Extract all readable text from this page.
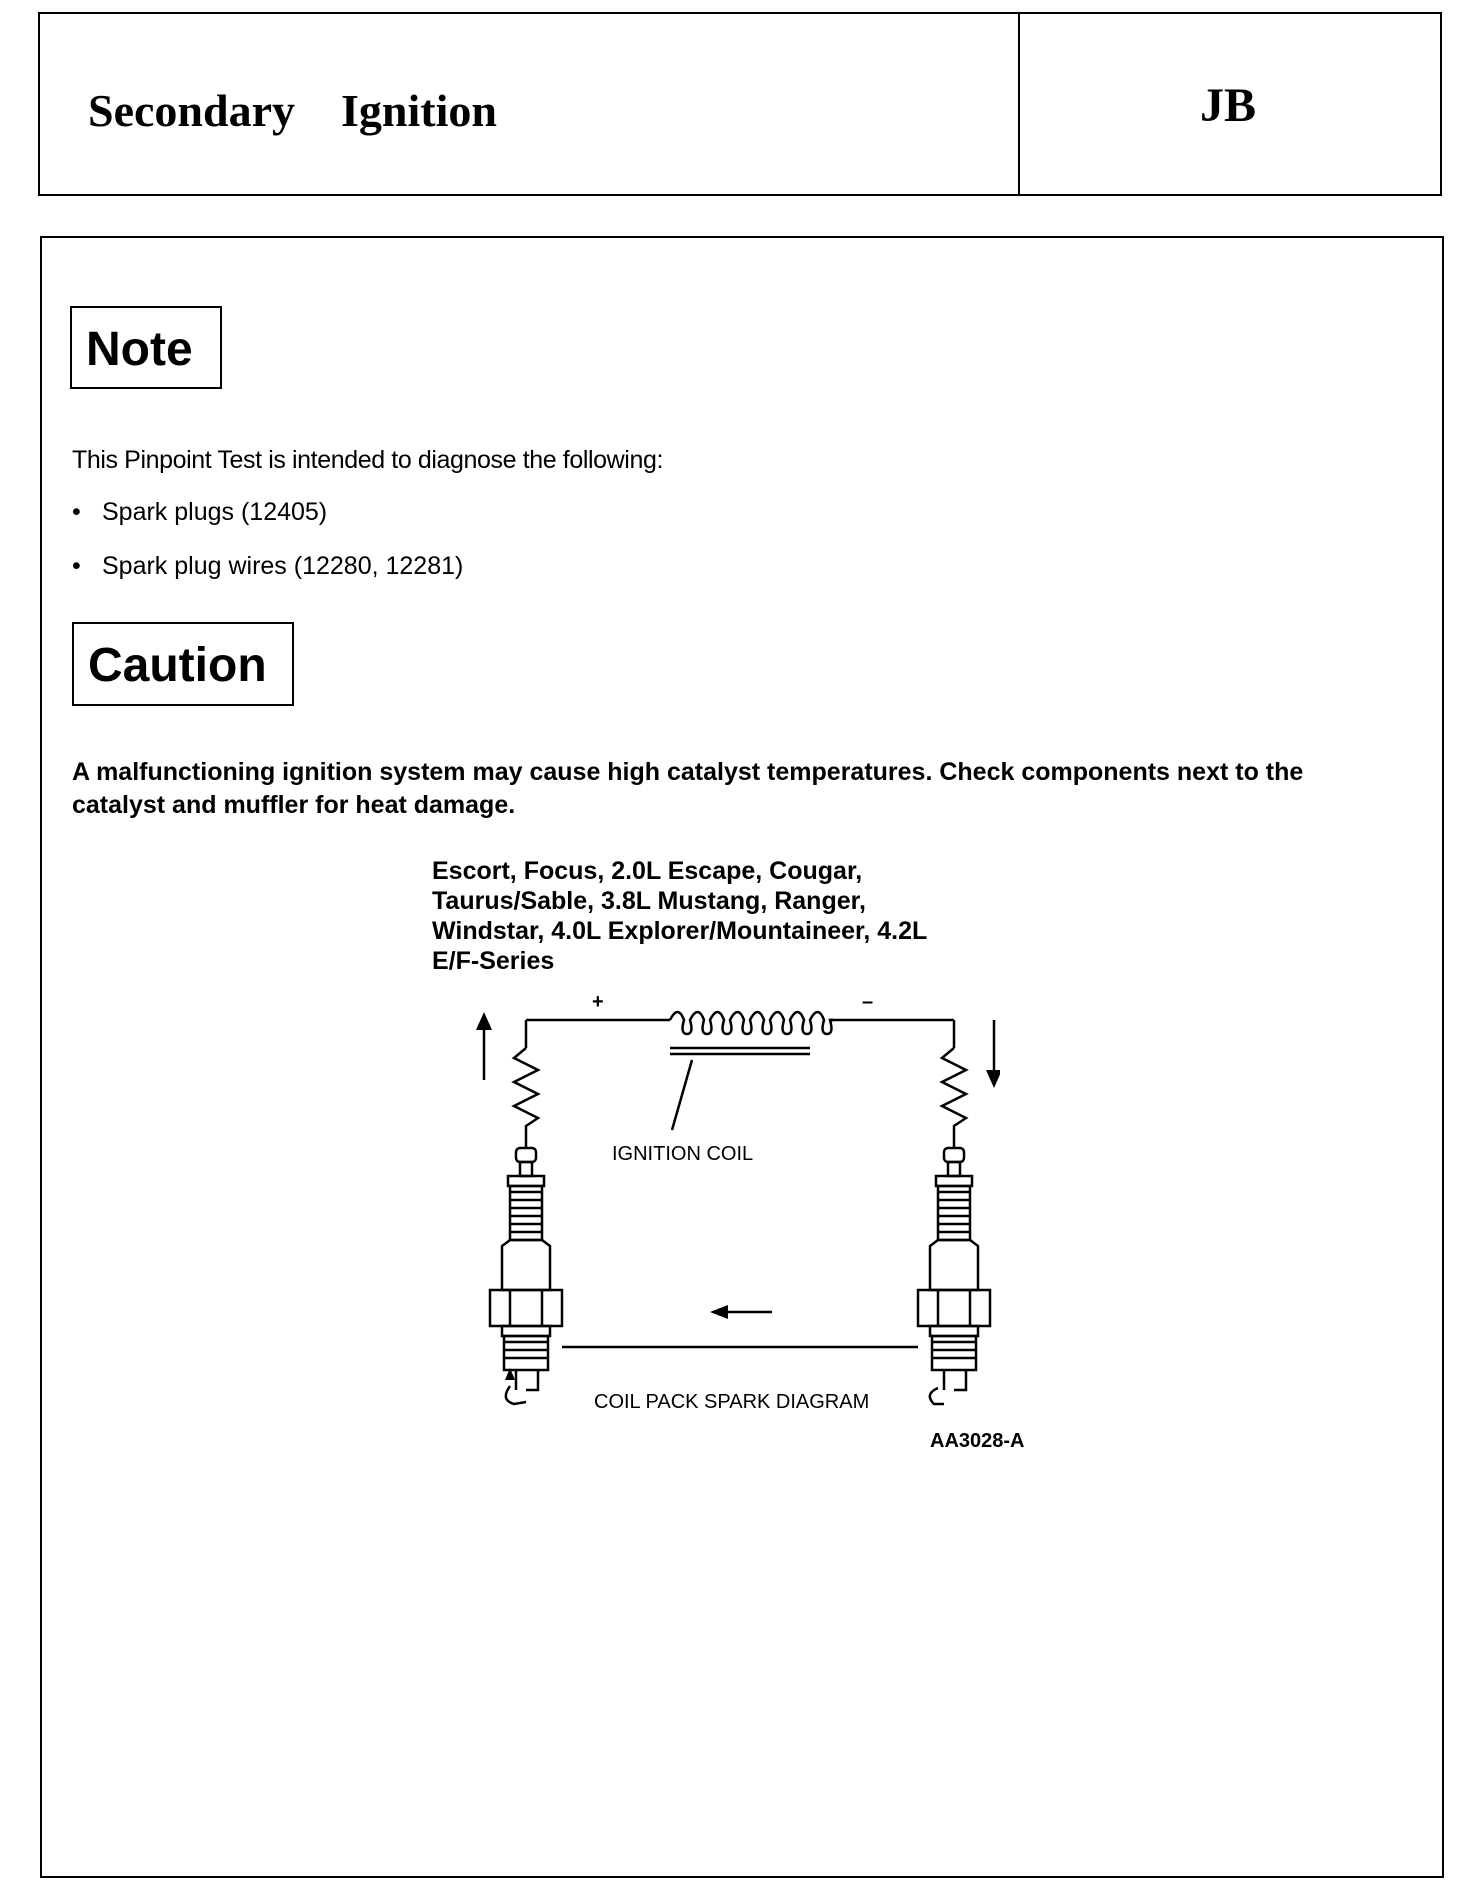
Secondary    Ignition	JB
Note
This Pinpoint Test is intended to diagnose the following:
• Spark plugs (12405)
• Spark plug wires (12280, 12281)
Caution
A malfunctioning ignition system may cause high catalyst temperatures. Check components next to the catalyst and muffler for heat damage.
Escort, Focus, 2.0L Escape, Cougar,
Taurus/Sable, 3.8L Mustang, Ranger,
Windstar, 4.0L Explorer/Mountaineer, 4.2L
E/F-Series
+	–
IGNITION COIL
COIL PACK SPARK DIAGRAM
AA3028-A
